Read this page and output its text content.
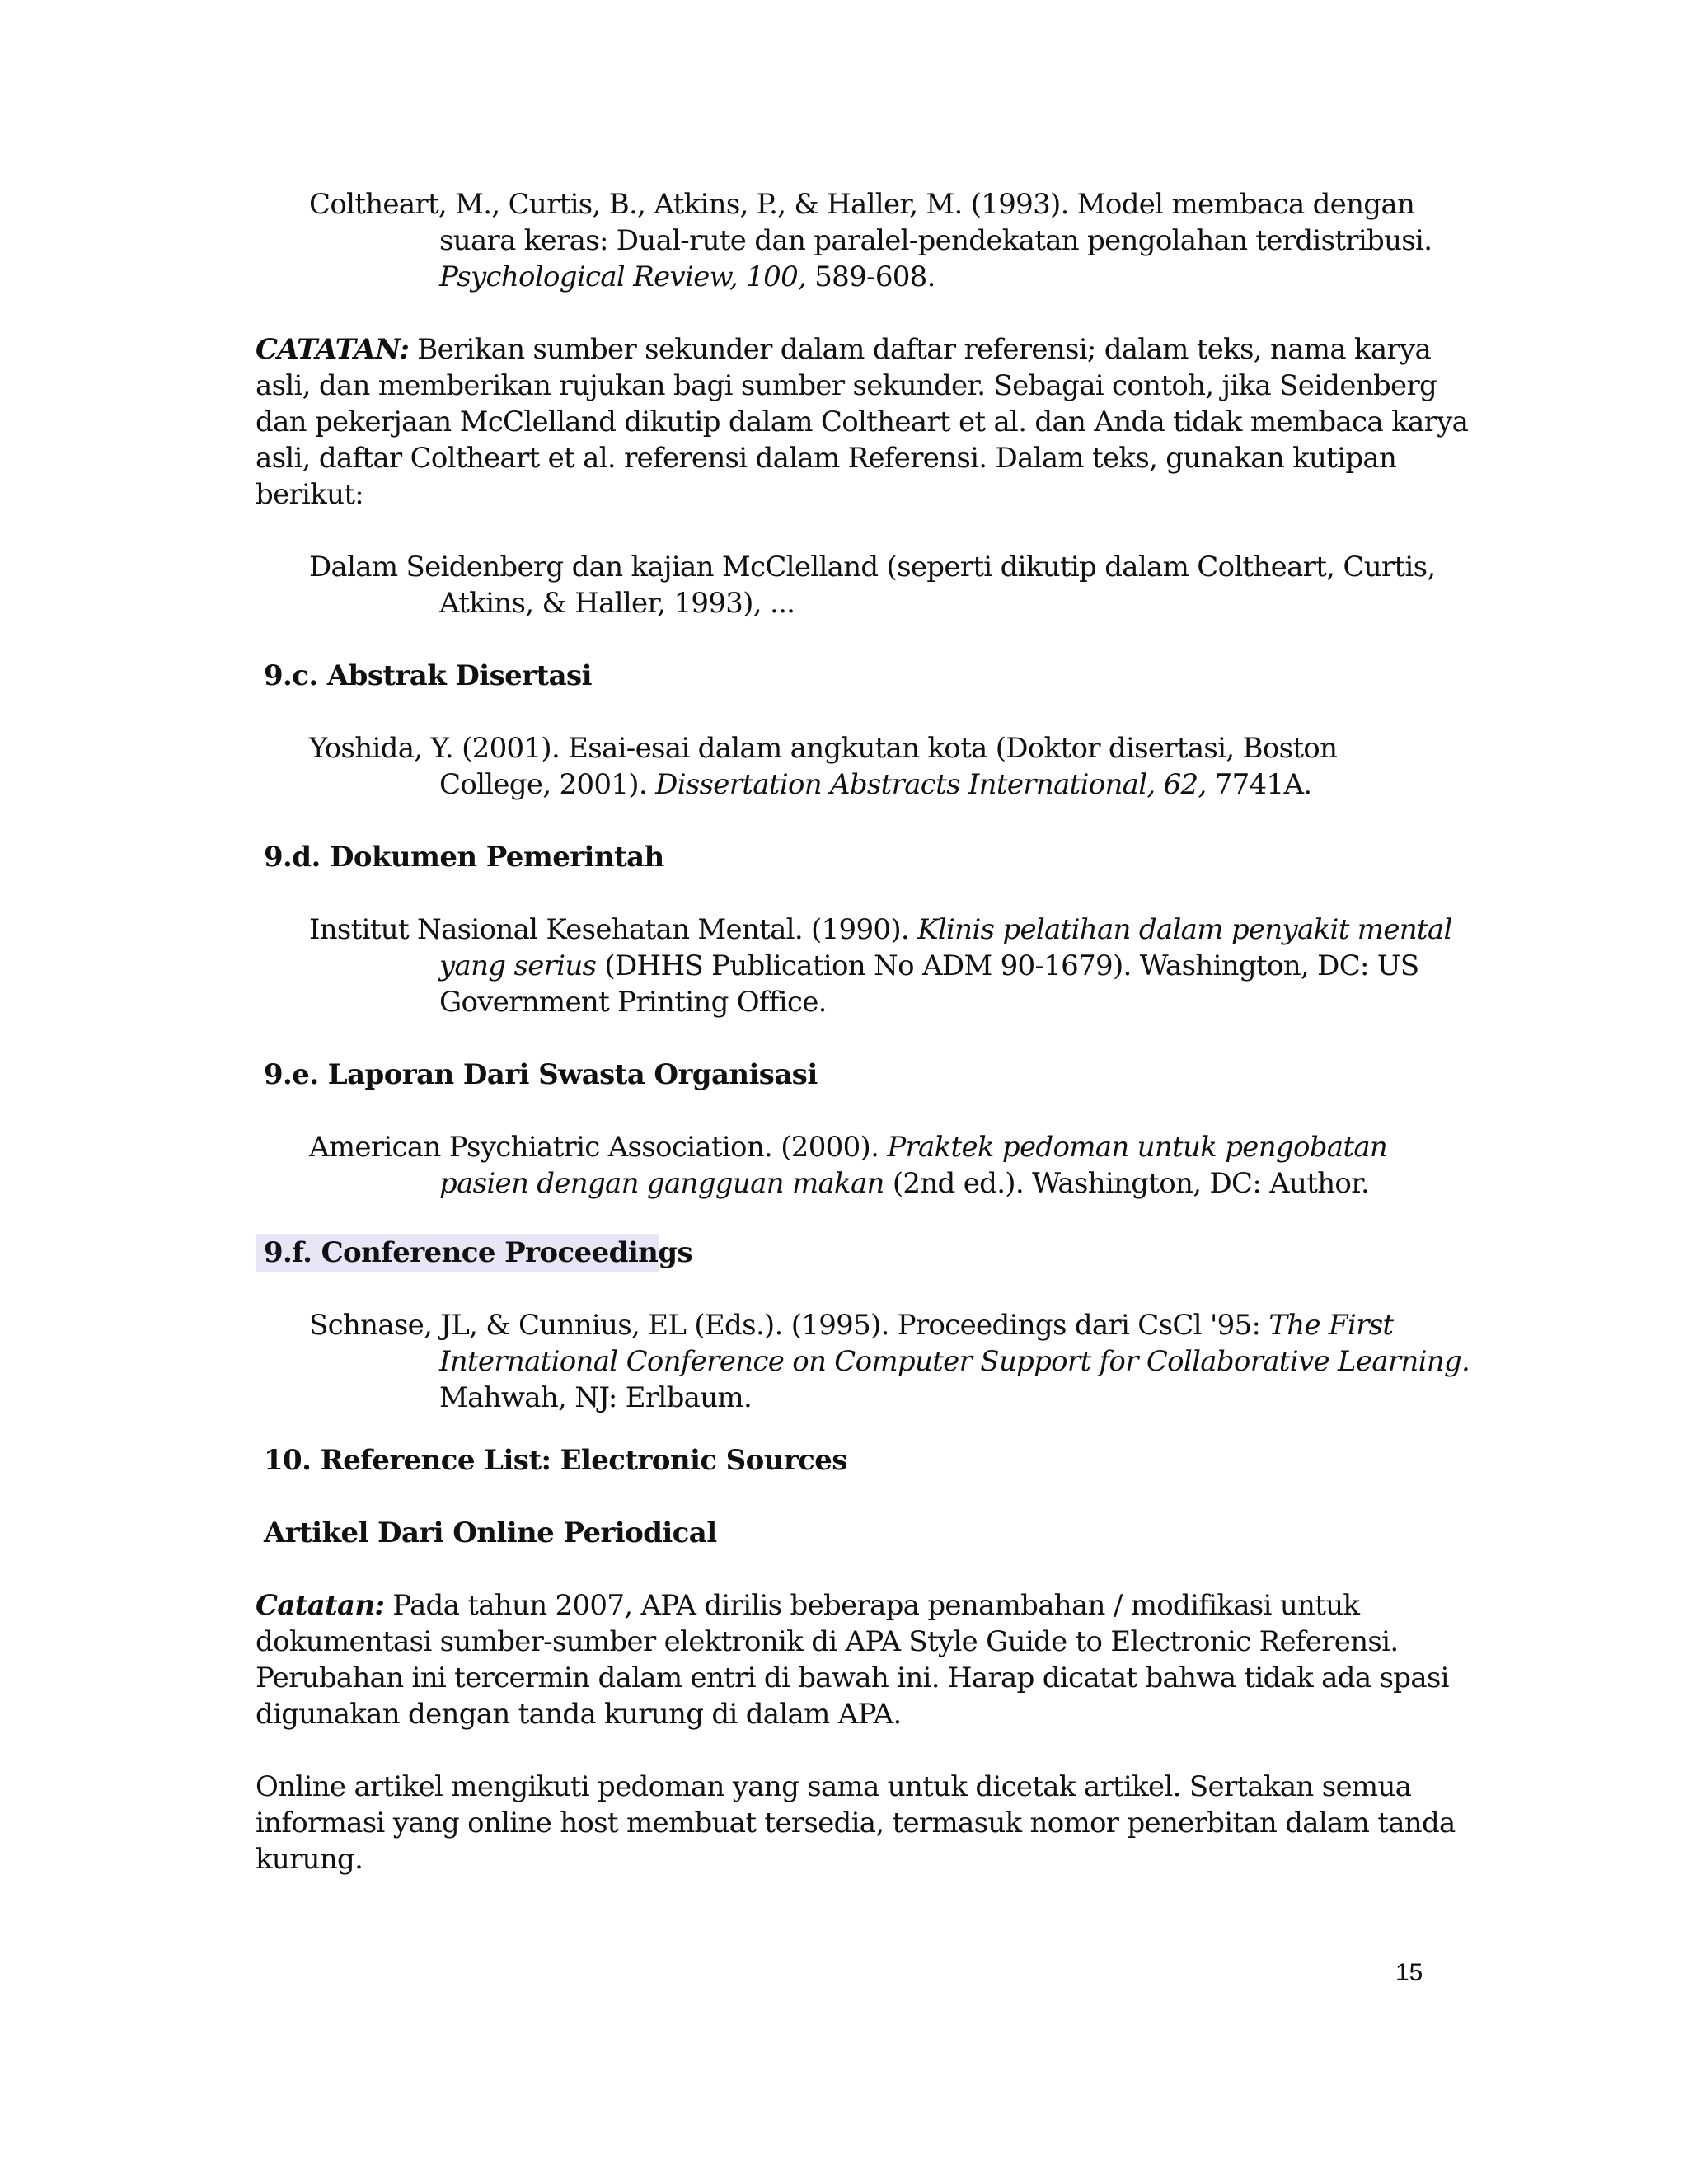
Coltheart, M., Curtis, B., Atkins, P., & Haller, M. (1993). Model membaca dengan
suara keras: Dual-rute dan paralel-pendekatan pengolahan terdistribusi.
Psychological Review, 100, 589-608.
CATATAN: Berikan sumber sekunder dalam daftar referensi; dalam teks, nama karya
asli, dan memberikan rujukan bagi sumber sekunder. Sebagai contoh, jika Seidenberg
dan pekerjaan McClelland dikutip dalam Coltheart et al. dan Anda tidak membaca karya
asli, daftar Coltheart et al. referensi dalam Referensi. Dalam teks, gunakan kutipan
berikut:
Dalam Seidenberg dan kajian McClelland (seperti dikutip dalam Coltheart, Curtis,
Atkins, & Haller, 1993), ...
9.c. Abstrak Disertasi
Yoshida, Y. (2001). Esai-esai dalam angkutan kota (Doktor disertasi, Boston
College, 2001). Dissertation Abstracts International, 62, 7741A.
9.d. Dokumen Pemerintah
Institut Nasional Kesehatan Mental. (1990). Klinis pelatihan dalam penyakit mental
yang serius (DHHS Publication No ADM 90-1679). Washington, DC: US
Government Printing Office.
9.e. Laporan Dari Swasta Organisasi
American Psychiatric Association. (2000). Praktek pedoman untuk pengobatan
pasien dengan gangguan makan (2nd ed.). Washington, DC: Author.
9.f. Conference Proceedings
Schnase, JL, & Cunnius, EL (Eds.). (1995). Proceedings dari CsCl '95: The First
International Conference on Computer Support for Collaborative Learning.
Mahwah, NJ: Erlbaum.
10. Reference List: Electronic Sources
Artikel Dari Online Periodical
Catatan: Pada tahun 2007, APA dirilis beberapa penambahan / modifikasi untuk
dokumentasi sumber-sumber elektronik di APA Style Guide to Electronic Referensi.
Perubahan ini tercermin dalam entri di bawah ini. Harap dicatat bahwa tidak ada spasi
digunakan dengan tanda kurung di dalam APA.
Online artikel mengikuti pedoman yang sama untuk dicetak artikel. Sertakan semua
informasi yang online host membuat tersedia, termasuk nomor penerbitan dalam tanda
kurung.
15
